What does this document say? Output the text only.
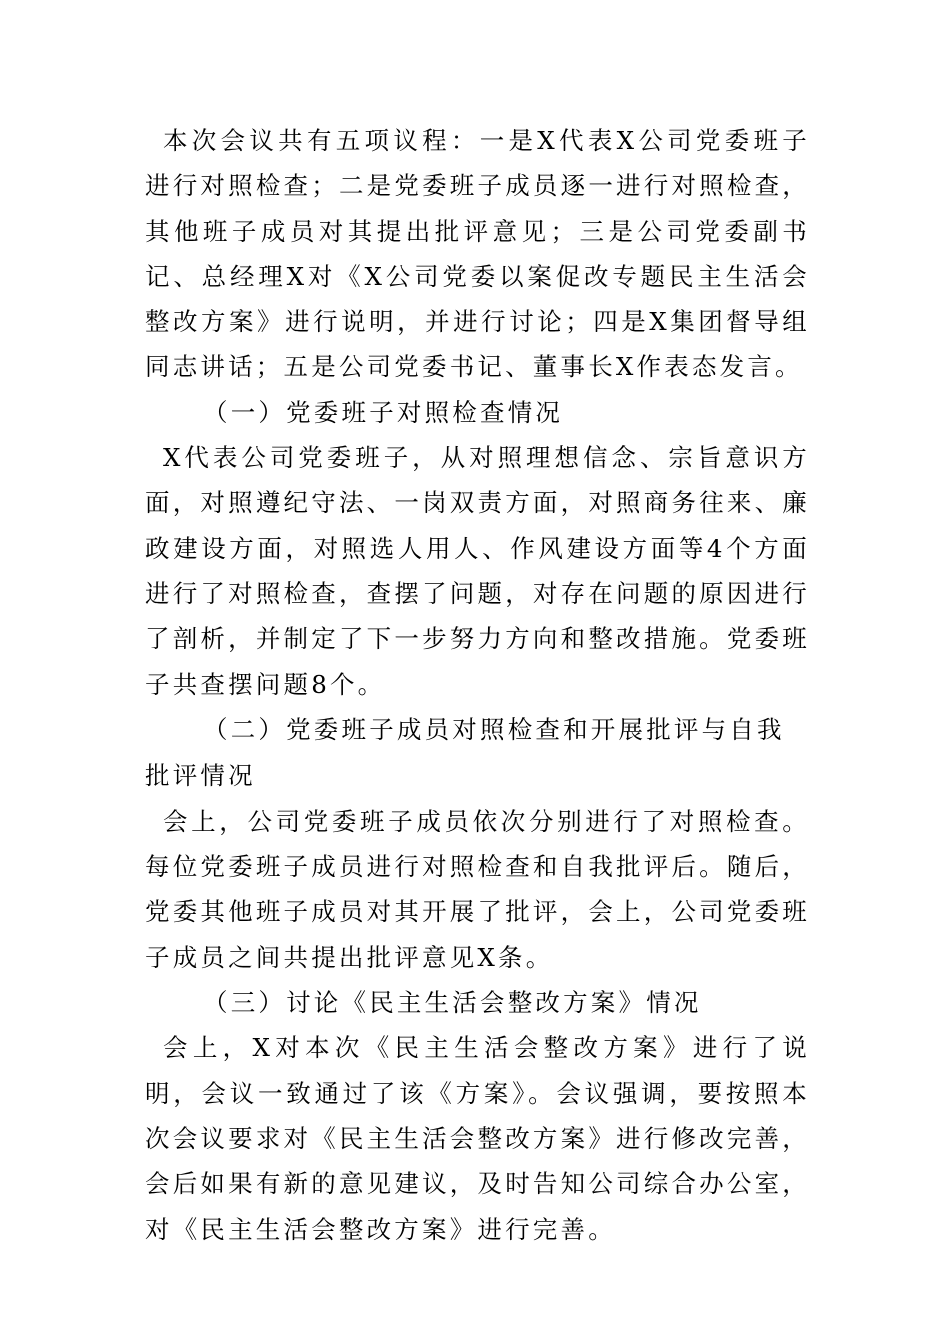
本次会议共有五项议程：一是X代表X公司党委班子进行对照检查；二是党委班子成员逐一进行对照检查，其他班子成员对其提出批评意见；三是公司党委副书记、总经理X对《X公司党委以案促改专题民主生活会整改方案》进行说明，并进行讨论；四是X集团督导组同志讲话；五是公司党委书记、董事长X作表态发言。

（一）党委班子对照检查情况

X代表公司党委班子，从对照理想信念、宗旨意识方面，对照遵纪守法、一岗双责方面，对照商务往来、廉政建设方面，对照选人用人、作风建设方面等4个方面进行了对照检查，查摆了问题，对存在问题的原因进行了剖析，并制定了下一步努力方向和整改措施。党委班子共查摆问题8个。

（二）党委班子成员对照检查和开展批评与自我批评情况

会上，公司党委班子成员依次分别进行了对照检查。每位党委班子成员进行对照检查和自我批评后。随后，党委其他班子成员对其开展了批评，会上，公司党委班子成员之间共提出批评意见X条。

（三）讨论《民主生活会整改方案》情况

会上，X对本次《民主生活会整改方案》进行了说明，会议一致通过了该《方案》。会议强调，要按照本次会议要求对《民主生活会整改方案》进行修改完善，会后如果有新的意见建议，及时告知公司综合办公室，对《民主生活会整改方案》进行完善。
